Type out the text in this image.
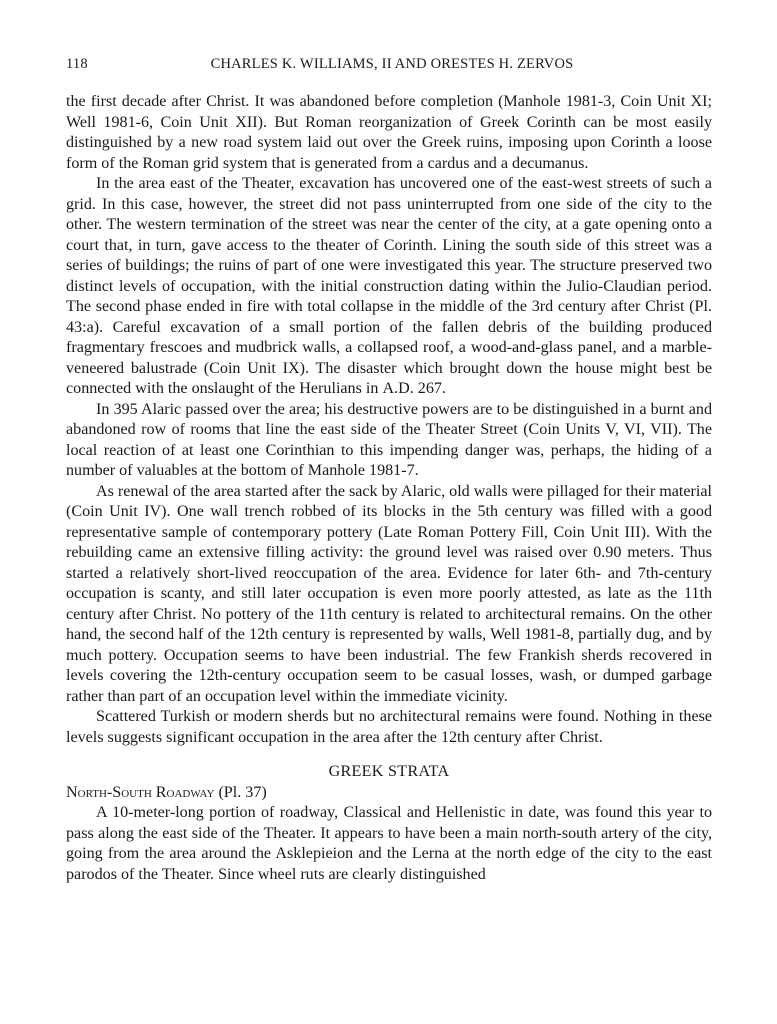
118	CHARLES K. WILLIAMS, II AND ORESTES H. ZERVOS

the first decade after Christ. It was abandoned before completion (Manhole 1981-3, Coin Unit XI; Well 1981-6, Coin Unit XII). But Roman reorganization of Greek Corinth can be most easily distinguished by a new road system laid out over the Greek ruins, imposing upon Corinth a loose form of the Roman grid system that is generated from a cardus and a decumanus.

In the area east of the Theater, excavation has uncovered one of the east-west streets of such a grid. In this case, however, the street did not pass uninterrupted from one side of the city to the other. The western termination of the street was near the center of the city, at a gate opening onto a court that, in turn, gave access to the theater of Corinth. Lining the south side of this street was a series of buildings; the ruins of part of one were investigated this year. The structure preserved two distinct levels of occupation, with the initial construction dating within the Julio-Claudian period. The second phase ended in fire with total collapse in the middle of the 3rd century after Christ (Pl. 43:a). Careful excavation of a small portion of the fallen debris of the building produced fragmentary frescoes and mudbrick walls, a collapsed roof, a wood-and-glass panel, and a marble-veneered balustrade (Coin Unit IX). The disaster which brought down the house might best be connected with the onslaught of the Herulians in A.D. 267.

In 395 Alaric passed over the area; his destructive powers are to be distinguished in a burnt and abandoned row of rooms that line the east side of the Theater Street (Coin Units V, VI, VII). The local reaction of at least one Corinthian to this impending danger was, perhaps, the hiding of a number of valuables at the bottom of Manhole 1981-7.

As renewal of the area started after the sack by Alaric, old walls were pillaged for their material (Coin Unit IV). One wall trench robbed of its blocks in the 5th century was filled with a good representative sample of contemporary pottery (Late Roman Pottery Fill, Coin Unit III). With the rebuilding came an extensive filling activity: the ground level was raised over 0.90 meters. Thus started a relatively short-lived reoccupation of the area. Evidence for later 6th- and 7th-century occupation is scanty, and still later occupation is even more poorly attested, as late as the 11th century after Christ. No pottery of the 11th century is related to architectural remains. On the other hand, the second half of the 12th century is represented by walls, Well 1981-8, partially dug, and by much pottery. Occupation seems to have been industrial. The few Frankish sherds recovered in levels covering the 12th-century occupation seem to be casual losses, wash, or dumped garbage rather than part of an occupation level within the immediate vicinity.

Scattered Turkish or modern sherds but no architectural remains were found. Nothing in these levels suggests significant occupation in the area after the 12th century after Christ.

GREEK STRATA

North-South Roadway (Pl. 37)

A 10-meter-long portion of roadway, Classical and Hellenistic in date, was found this year to pass along the east side of the Theater. It appears to have been a main north-south artery of the city, going from the area around the Asklepieion and the Lerna at the north edge of the city to the east parodos of the Theater. Since wheel ruts are clearly distinguished
